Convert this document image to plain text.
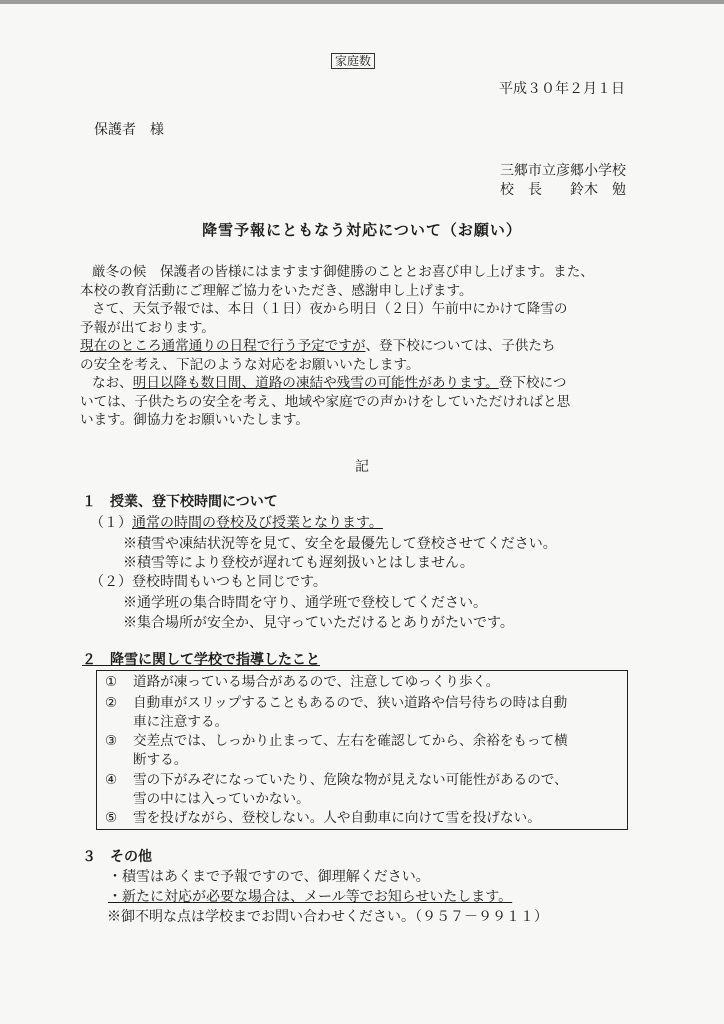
家庭数
平成３０年２月１日
保護者　様
三郷市立彦郷小学校
校　長　　鈴木　勉
降雪予報にともなう対応について（お願い）

厳冬の候　保護者の皆様にはますます御健勝のこととお喜び申し上げます。また、

本校の教育活動にご理解ご協力をいただき、感謝申し上げます。

さて、天気予報では、本日（１日）夜から明日（２日）午前中にかけて降雪の

予報が出ております。

現在のところ通常通りの日程で行う予定ですが、登下校については、子供たち

の安全を考え、下記のような対応をお願いいたします。

なお、明日以降も数日間、道路の凍結や残雪の可能性があります。登下校につ

いては、子供たちの安全を考え、地域や家庭での声かけをしていただければと思

います。御協力をお願いいたします。

記
１　授業、登下校時間について
（１）通常の時間の登校及び授業となります。
※積雪や凍結状況等を見て、安全を最優先して登校させてください。
※積雪等により登校が遅れても遅刻扱いとはしません。
（２）登校時間もいつもと同じです。
※通学班の集合時間を守り、通学班で登校してください。
※集合場所が安全か、見守っていただけるとありがたいです。
２　降雪に関して学校で指導したこと
① 道路が凍っている場合があるので、注意してゆっくり歩く。
② 自動車がスリップすることもあるので、狭い道路や信号待ちの時は自動
車に注意する。
③ 交差点では、しっかり止まって、左右を確認してから、余裕をもって横
断する。
④ 雪の下がみぞになっていたり、危険な物が見えない可能性があるので、
雪の中には入っていかない。
⑤ 雪を投げながら、登校しない。人や自動車に向けて雪を投げない。
３　その他
・積雪はあくまで予報ですので、御理解ください。
・新たに対応が必要な場合は、メール等でお知らせいたします。
※御不明な点は学校までお問い合わせください。（９５７－９９１１）
